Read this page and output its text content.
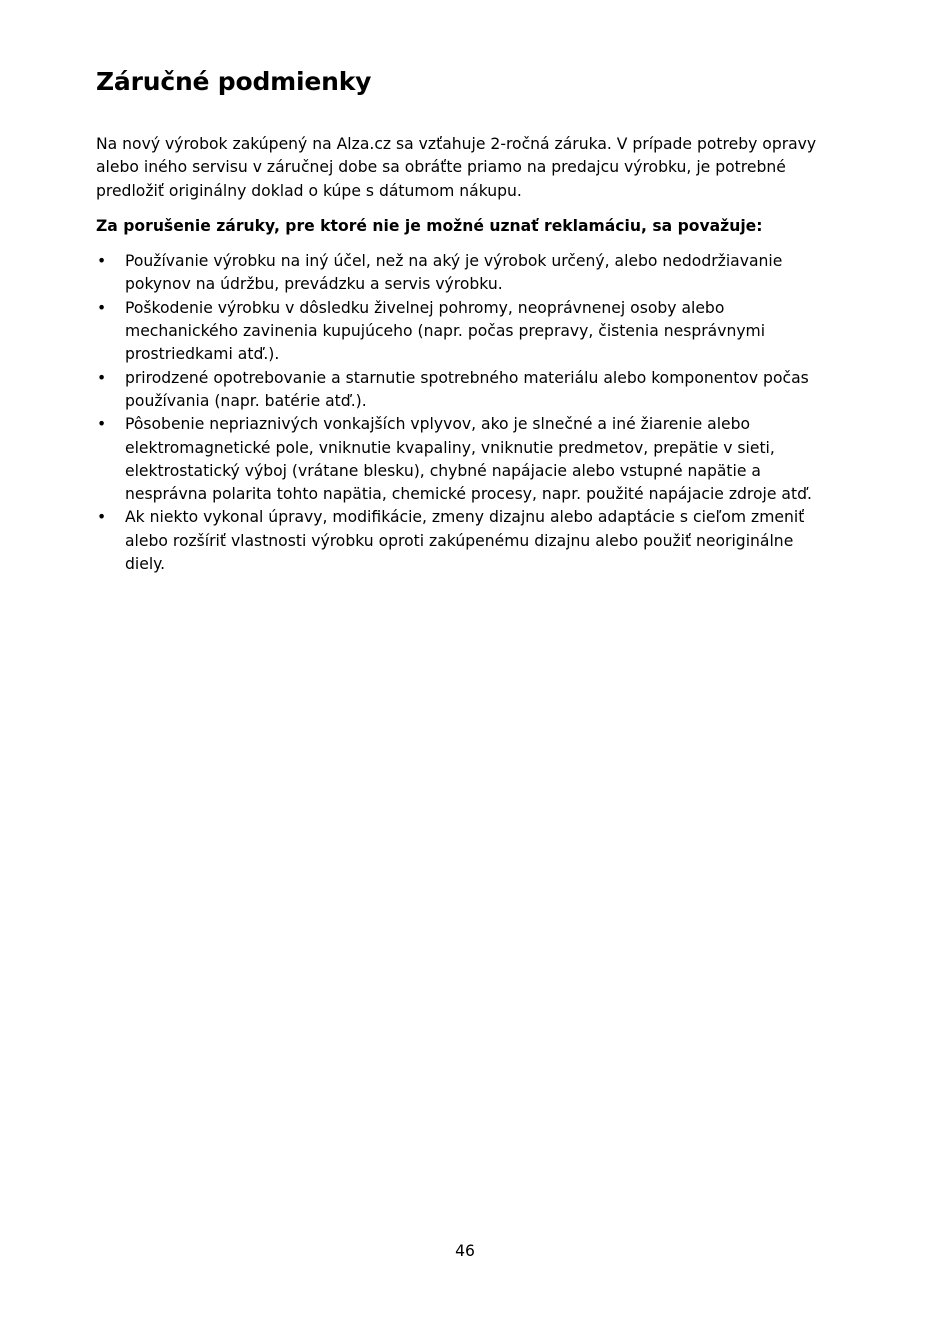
Záručné podmienky

Na nový výrobok zakúpený na Alza.cz sa vzťahuje 2-ročná záruka. V prípade potreby opravy alebo iného servisu v záručnej dobe sa obráťte priamo na predajcu výrobku, je potrebné predložiť originálny doklad o kúpe s dátumom nákupu.

Za porušenie záruky, pre ktoré nie je možné uznať reklamáciu, sa považuje:

• Používanie výrobku na iný účel, než na aký je výrobok určený, alebo nedodržiavanie pokynov na údržbu, prevádzku a servis výrobku.
• Poškodenie výrobku v dôsledku živelnej pohromy, neoprávnenej osoby alebo mechanického zavinenia kupujúceho (napr. počas prepravy, čistenia nesprávnymi prostriedkami atď.).
• prirodzené opotrebovanie a starnutie spotrebného materiálu alebo komponentov počas používania (napr. batérie atď.).
• Pôsobenie nepriaznivých vonkajších vplyvov, ako je slnečné a iné žiarenie alebo elektromagnetické pole, vniknutie kvapaliny, vniknutie predmetov, prepätie v sieti, elektrostatický výboj (vrátane blesku), chybné napájacie alebo vstupné napätie a nesprávna polarita tohto napätia, chemické procesy, napr. použité napájacie zdroje atď.
• Ak niekto vykonal úpravy, modifikácie, zmeny dizajnu alebo adaptácie s cieľom zmeniť alebo rozšíriť vlastnosti výrobku oproti zakúpenému dizajnu alebo použiť neoriginálne diely.
46
